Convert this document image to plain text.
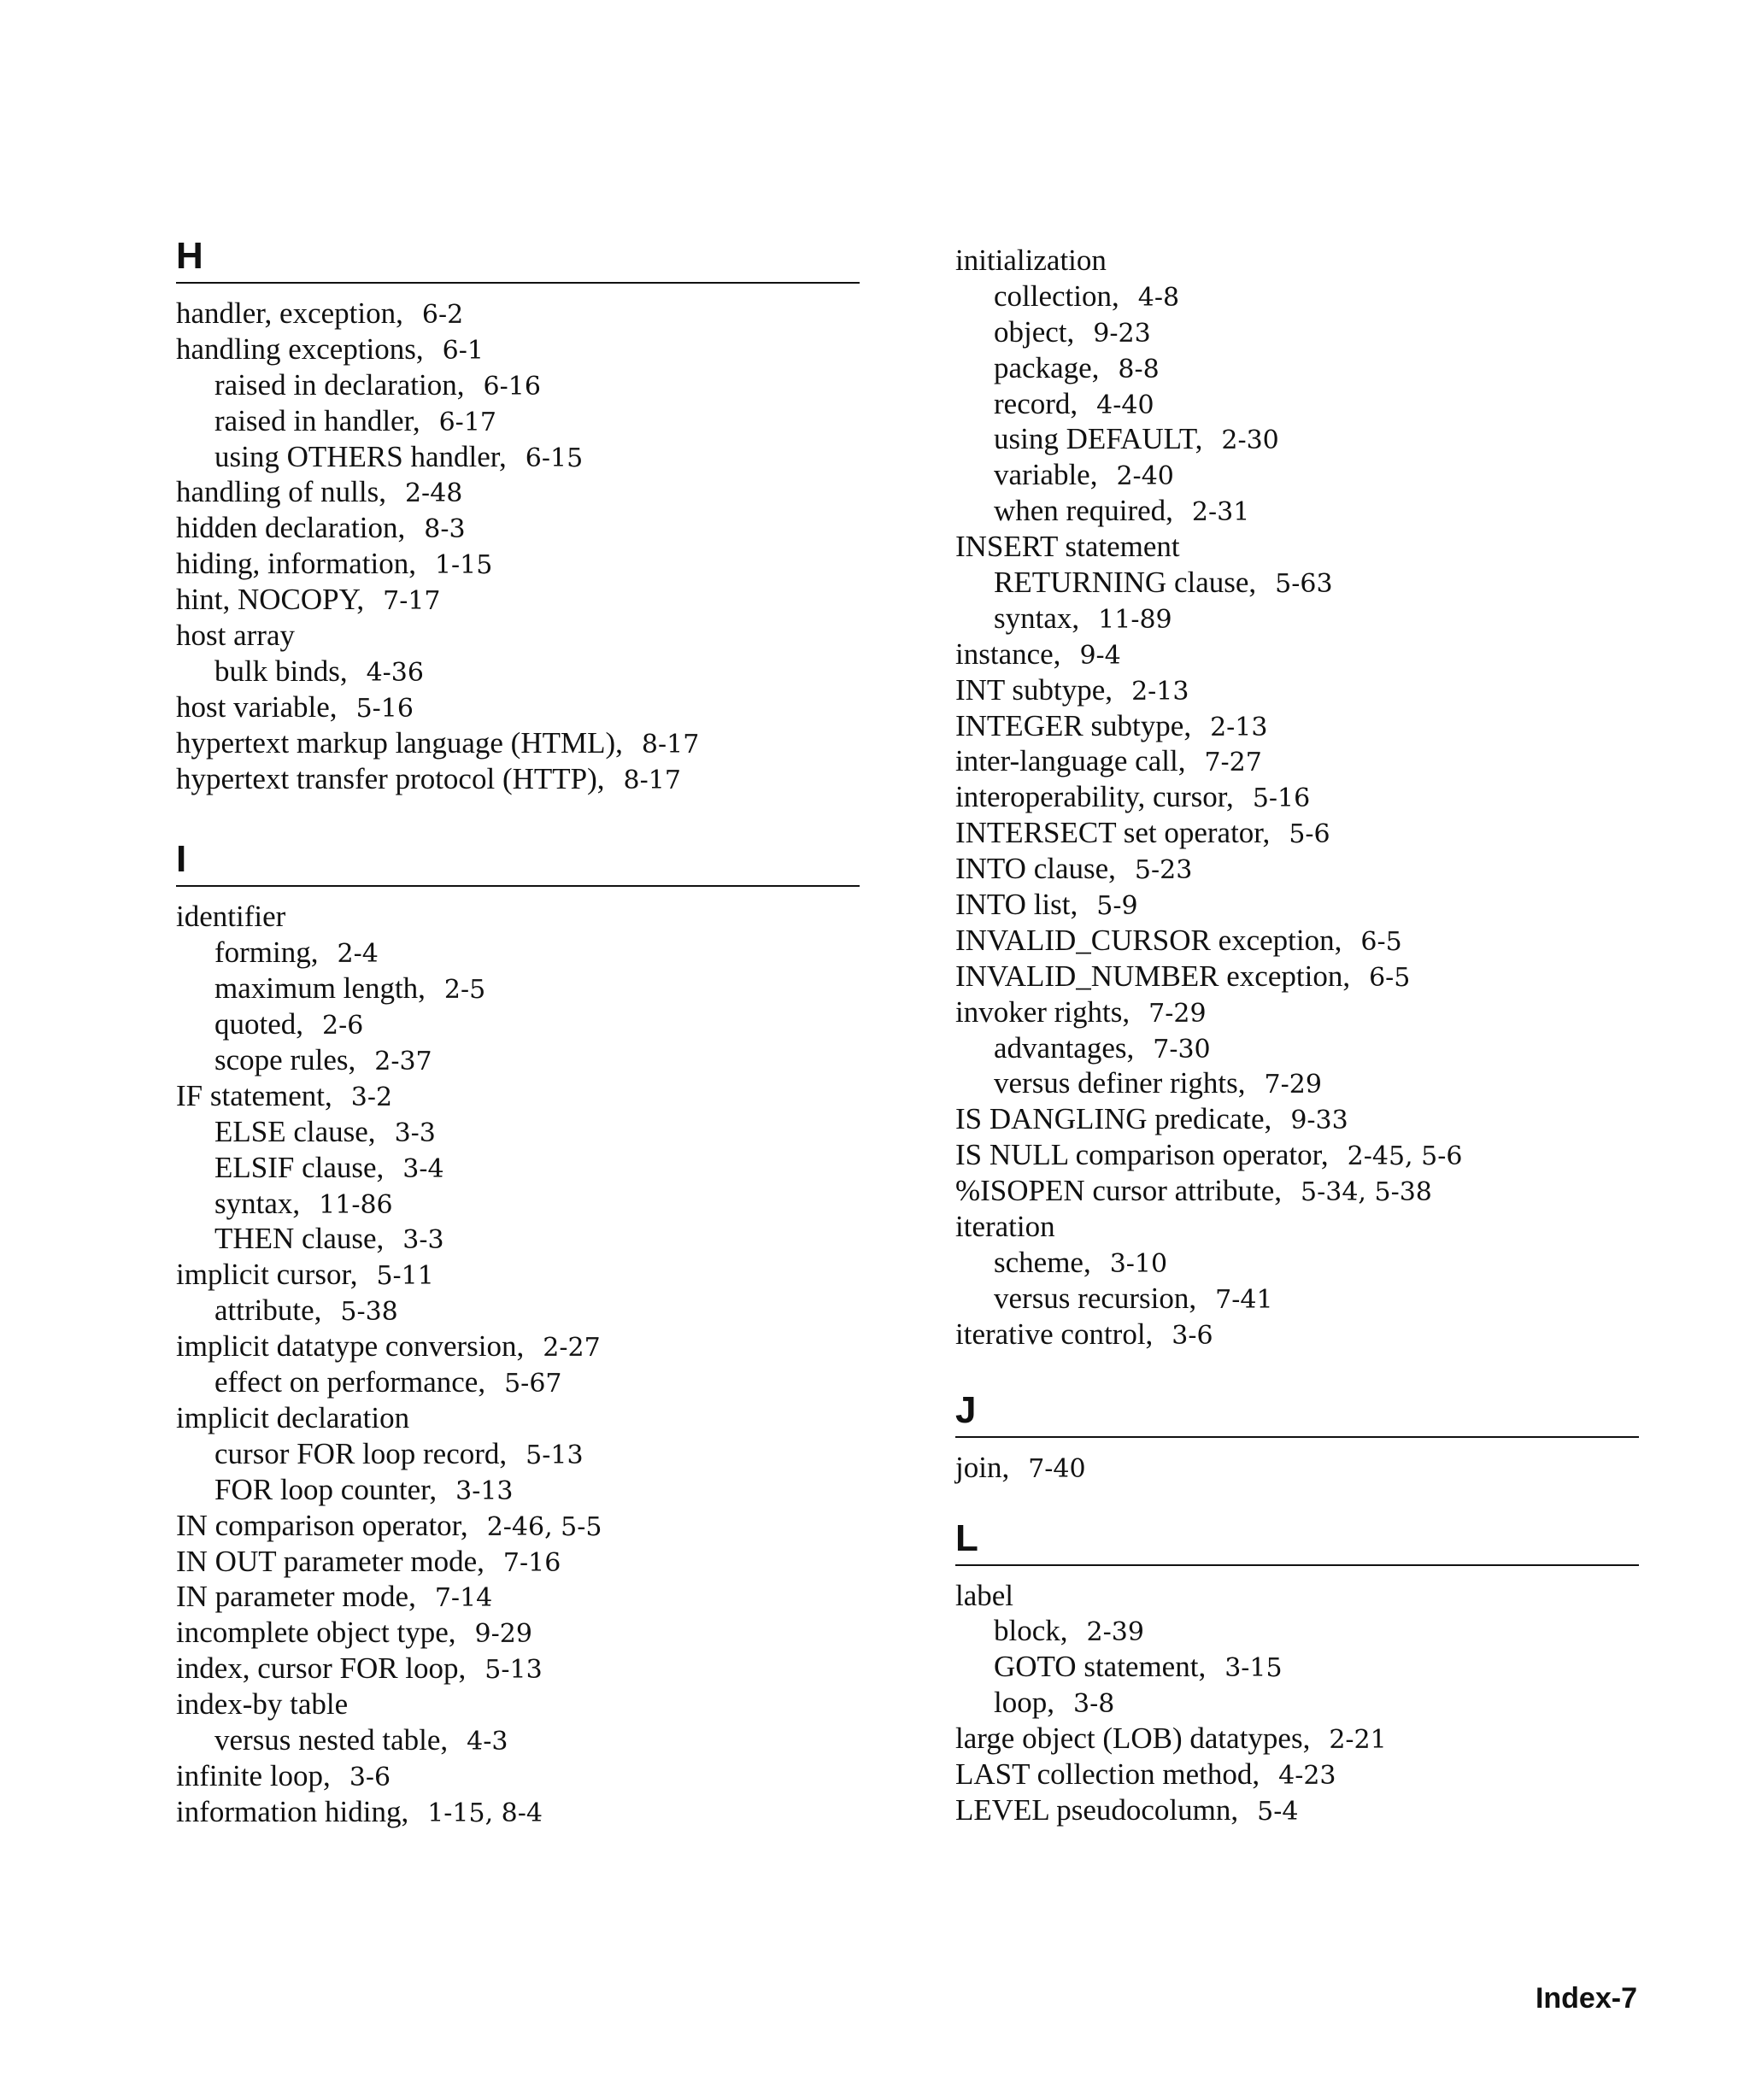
H
handler, exception, 6-2
handling exceptions, 6-1
raised in declaration, 6-16
raised in handler, 6-17
using OTHERS handler, 6-15
handling of nulls, 2-48
hidden declaration, 8-3
hiding, information, 1-15
hint, NOCOPY, 7-17
host array
bulk binds, 4-36
host variable, 5-16
hypertext markup language (HTML), 8-17
hypertext transfer protocol (HTTP), 8-17
I
identifier
forming, 2-4
maximum length, 2-5
quoted, 2-6
scope rules, 2-37
IF statement, 3-2
ELSE clause, 3-3
ELSIF clause, 3-4
syntax, 11-86
THEN clause, 3-3
implicit cursor, 5-11
attribute, 5-38
implicit datatype conversion, 2-27
effect on performance, 5-67
implicit declaration
cursor FOR loop record, 5-13
FOR loop counter, 3-13
IN comparison operator, 2-46, 5-5
IN OUT parameter mode, 7-16
IN parameter mode, 7-14
incomplete object type, 9-29
index, cursor FOR loop, 5-13
index-by table
versus nested table, 4-3
infinite loop, 3-6
information hiding, 1-15, 8-4
initialization
collection, 4-8
object, 9-23
package, 8-8
record, 4-40
using DEFAULT, 2-30
variable, 2-40
when required, 2-31
INSERT statement
RETURNING clause, 5-63
syntax, 11-89
instance, 9-4
INT subtype, 2-13
INTEGER subtype, 2-13
inter-language call, 7-27
interoperability, cursor, 5-16
INTERSECT set operator, 5-6
INTO clause, 5-23
INTO list, 5-9
INVALID_CURSOR exception, 6-5
INVALID_NUMBER exception, 6-5
invoker rights, 7-29
advantages, 7-30
versus definer rights, 7-29
IS DANGLING predicate, 9-33
IS NULL comparison operator, 2-45, 5-6
%ISOPEN cursor attribute, 5-34, 5-38
iteration
scheme, 3-10
versus recursion, 7-41
iterative control, 3-6
J
join, 7-40
L
label
block, 2-39
GOTO statement, 3-15
loop, 3-8
large object (LOB) datatypes, 2-21
LAST collection method, 4-23
LEVEL pseudocolumn, 5-4
Index-7
